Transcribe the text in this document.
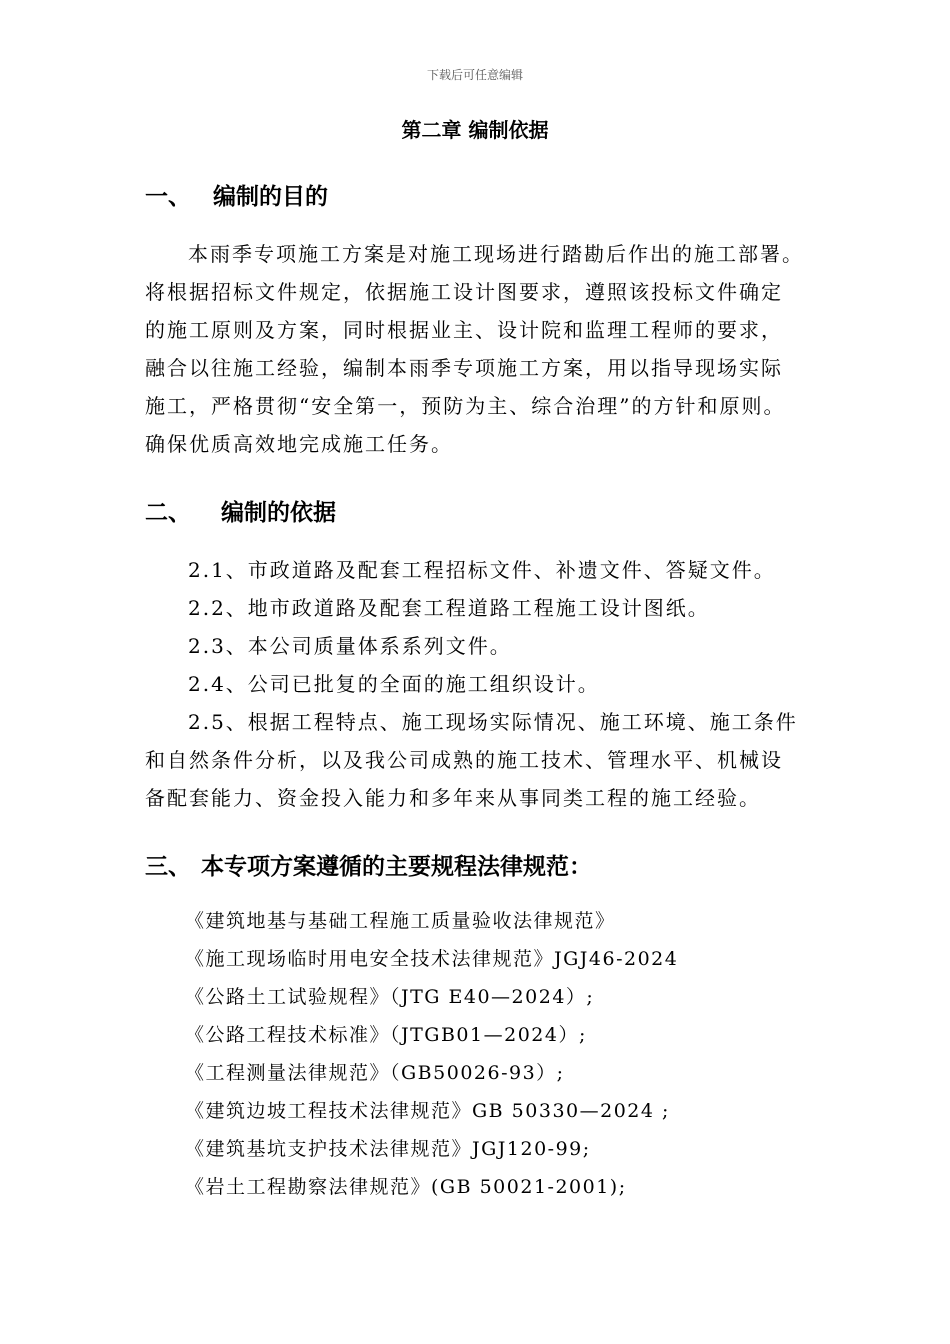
下载后可任意编辑
第二章 编制依据
一、 编制的目的
本雨季专项施工方案是对施工现场进行踏勘后作出的施工部署。
将根据招标文件规定，依据施工设计图要求，遵照该投标文件确定
的施工原则及方案，同时根据业主、设计院和监理工程师的要求，
融合以往施工经验，编制本雨季专项施工方案，用以指导现场实际
施工，严格贯彻“安全第一，预防为主、综合治理”的方针和原则。
确保优质高效地完成施工任务。
二、 编制的依据
2.1、市政道路及配套工程招标文件、补遗文件、答疑文件。
2.2、地市政道路及配套工程道路工程施工设计图纸。
2.3、本公司质量体系系列文件。
2.4、公司已批复的全面的施工组织设计。
2.5、根据工程特点、施工现场实际情况、施工环境、施工条件
和自然条件分析，以及我公司成熟的施工技术、管理水平、机械设
备配套能力、资金投入能力和多年来从事同类工程的施工经验。
三、 本专项方案遵循的主要规程法律规范：
《建筑地基与基础工程施工质量验收法律规范》
《施工现场临时用电安全技术法律规范》JGJ46-2024
《公路土工试验规程》（JTG E40—2024）;
《公路工程技术标准》（JTGB01—2024）;
《工程测量法律规范》（GB50026-93）;
《建筑边坡工程技术法律规范》GB 50330—2024 ;
《建筑基坑支护技术法律规范》JGJ120-99;
《岩土工程勘察法律规范》(GB 50021-2001);
